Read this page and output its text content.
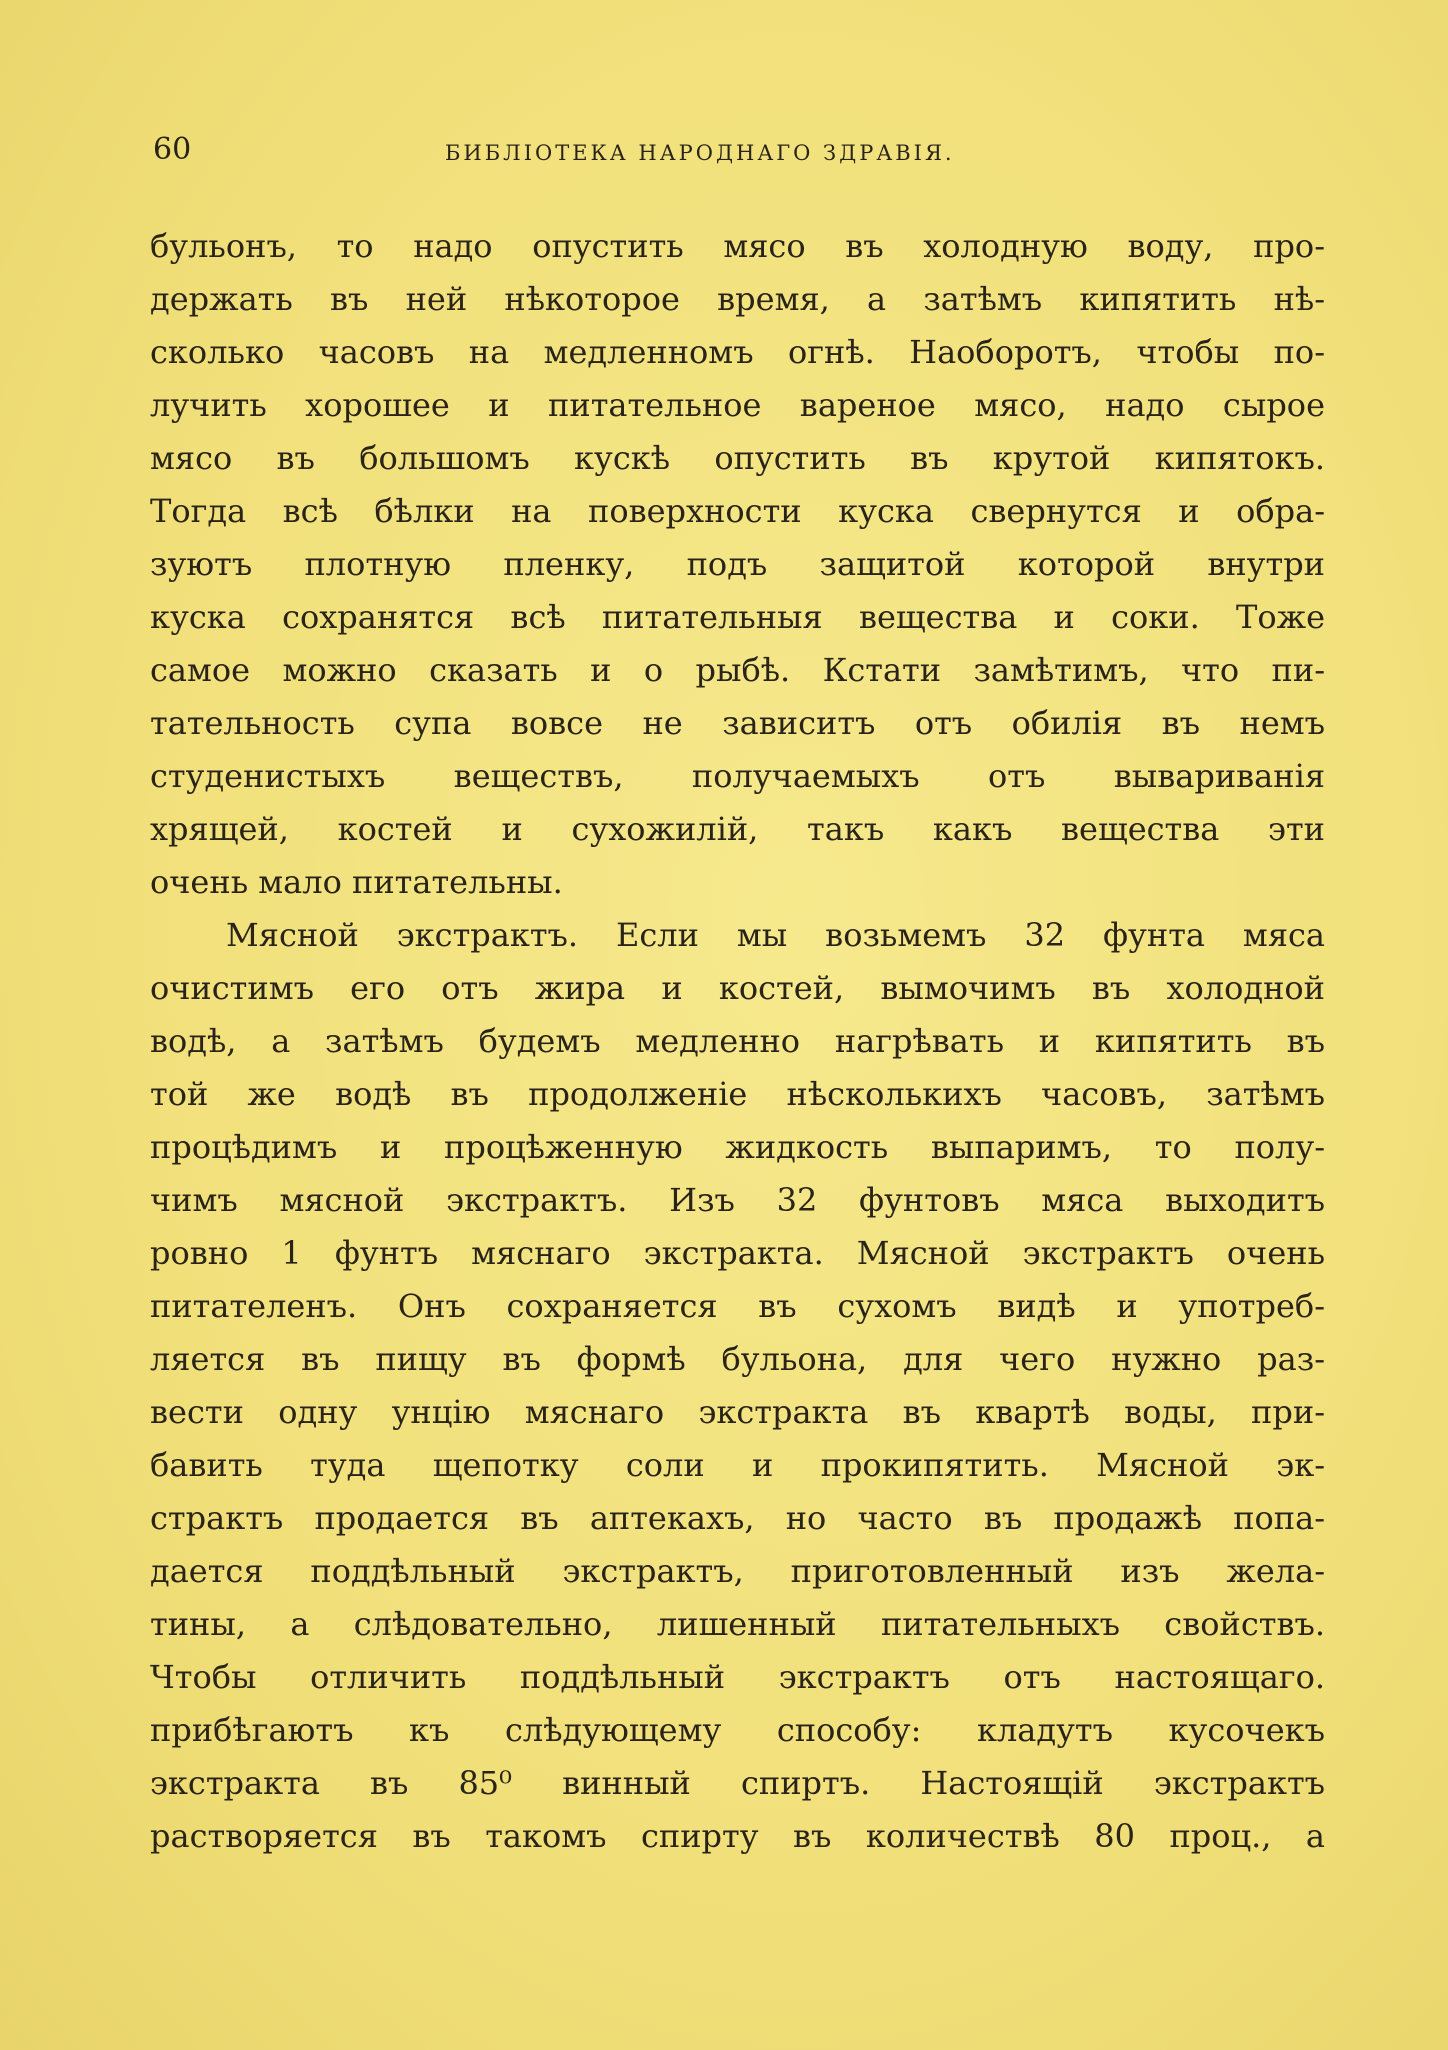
60	БИБЛІОТЕКА НАРОДНАГО ЗДРАВІЯ.
бульонъ, то надо опустить мясо въ холодную воду, про-
держать въ ней нѣкоторое время, а затѣмъ кипятить нѣ-
сколько часовъ на медленномъ огнѣ. Наоборотъ, чтобы по-
лучить хорошее и питательное вареное мясо, надо сырое
мясо въ большомъ кускѣ опустить въ крутой кипятокъ.
Тогда всѣ бѣлки на поверхности куска свернутся и обра-
зуютъ плотную пленку, подъ защитой которой внутри
куска сохранятся всѣ питательныя вещества и соки. Тоже
самое можно сказать и о рыбѣ. Кстати замѣтимъ, что пи-
тательность супа вовсе не зависитъ отъ обилія въ немъ
студенистыхъ веществъ, получаемыхъ отъ вывариванія
хрящей, костей и сухожилій, такъ какъ вещества эти
очень мало питательны.
Мясной экстрактъ. Если мы возьмемъ 32 фунта мяса
очистимъ его отъ жира и костей, вымочимъ въ холодной
водѣ, а затѣмъ будемъ медленно нагрѣвать и кипятить въ
той же водѣ въ продолженіе нѣсколькихъ часовъ, затѣмъ
процѣдимъ и процѣженную жидкость выпаримъ, то полу-
чимъ мясной экстрактъ. Изъ 32 фунтовъ мяса выходитъ
ровно 1 фунтъ мяснаго экстракта. Мясной экстрактъ очень
питателенъ. Онъ сохраняется въ сухомъ видѣ и употреб-
ляется въ пищу въ формѣ бульона, для чего нужно раз-
вести одну унцію мяснаго экстракта въ квартѣ воды, при-
бавить туда щепотку соли и прокипятить. Мясной эк-
страктъ продается въ аптекахъ, но часто въ продажѣ попа-
дается поддѣльный экстрактъ, приготовленный изъ жела-
тины, а слѣдовательно, лишенный питательныхъ свойствъ.
Чтобы отличить поддѣльный экстрактъ отъ настоящаго.
прибѣгаютъ къ слѣдующему способу: кладутъ кусочекъ
экстракта въ 85⁰ винный спиртъ. Настоящій экстрактъ
растворяется въ такомъ спирту въ количествѣ 80 проц., а
